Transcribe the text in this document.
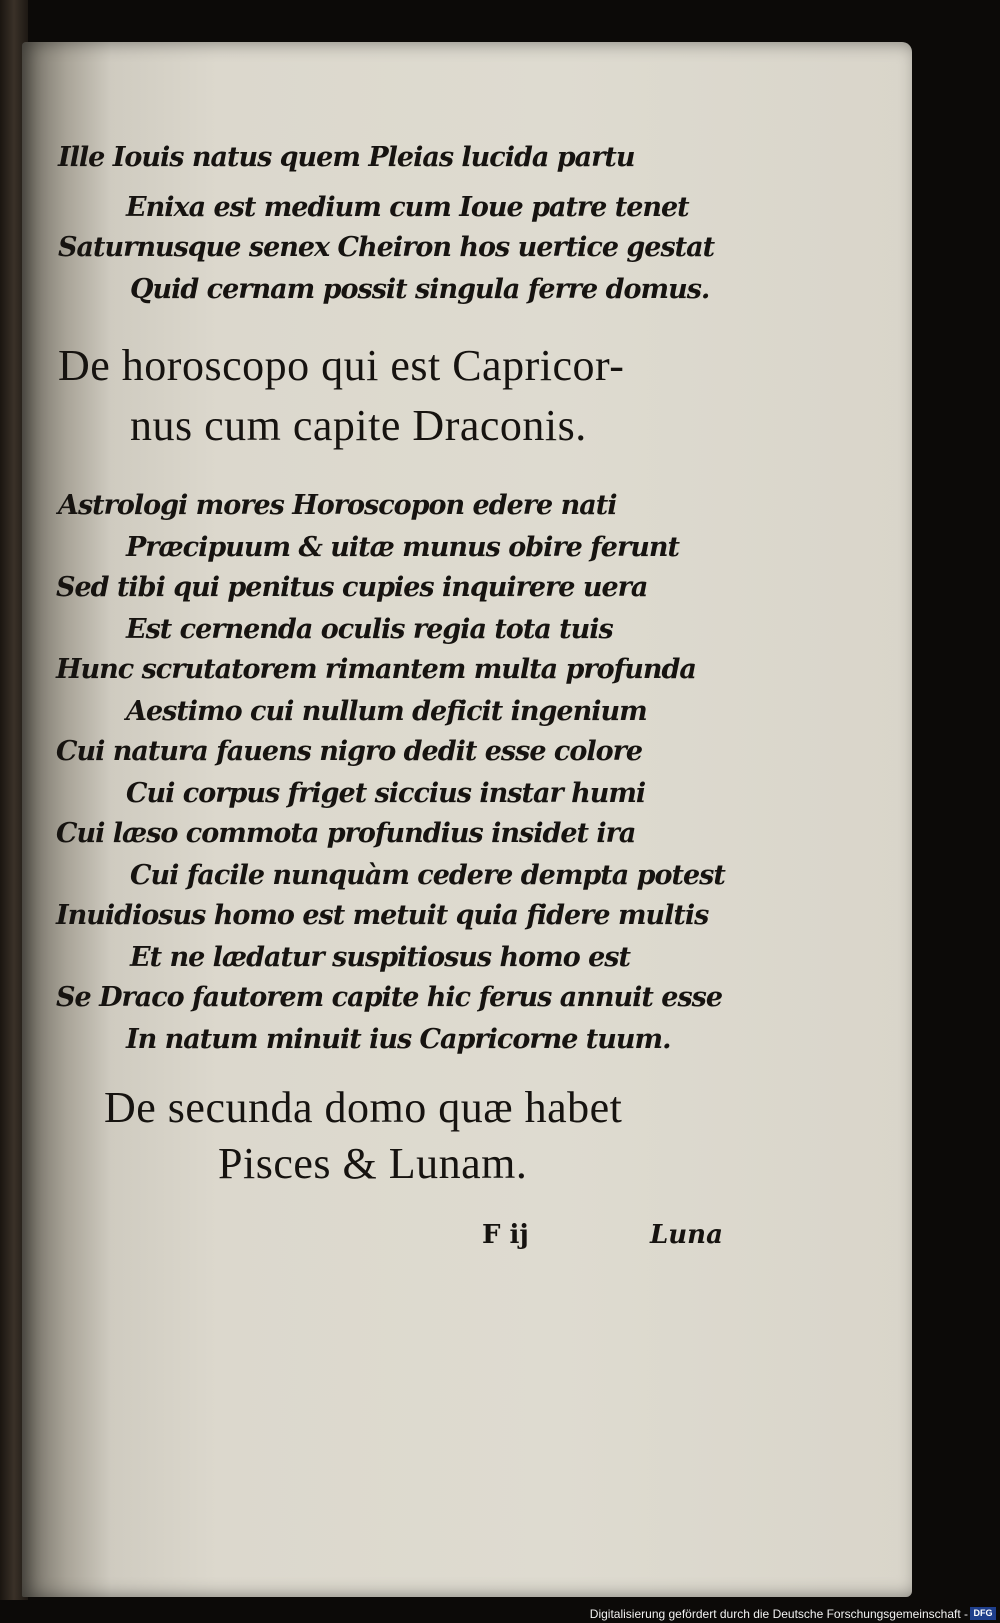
Ille Iouis natus quem Pleias lucida partu
Enixa est medium cum Ioue patre tenet
Saturnusque senex Cheiron hos uertice gestat
Quid cernam possit singula ferre domus.
De horoscopo qui est Capricor-
nus cum capite Draconis.
Astrologi mores Horoscopon edere nati
Præcipuum & uitæ munus obire ferunt
Sed tibi qui penitus cupies inquirere uera
Est cernenda oculis regia tota tuis
Hunc scrutatorem rimantem multa profunda
Aestimo cui nullum deficit ingenium
Cui natura fauens nigro dedit esse colore
Cui corpus friget siccius instar humi
Cui læso commota profundius insidet ira
Cui facile nunquàm cedere dempta potest
Inuidiosus homo est metuit quia fidere multis
Et ne lædatur suspitiosus homo est
Se Draco fautorem capite hic ferus annuit esse
In natum minuit ius Capricorne tuum.
De secunda domo quæ habet
Pisces & Lunam.
F ij	Luna
Digitalisierung gefördert durch die Deutsche Forschungsgemeinschaft - DFG
